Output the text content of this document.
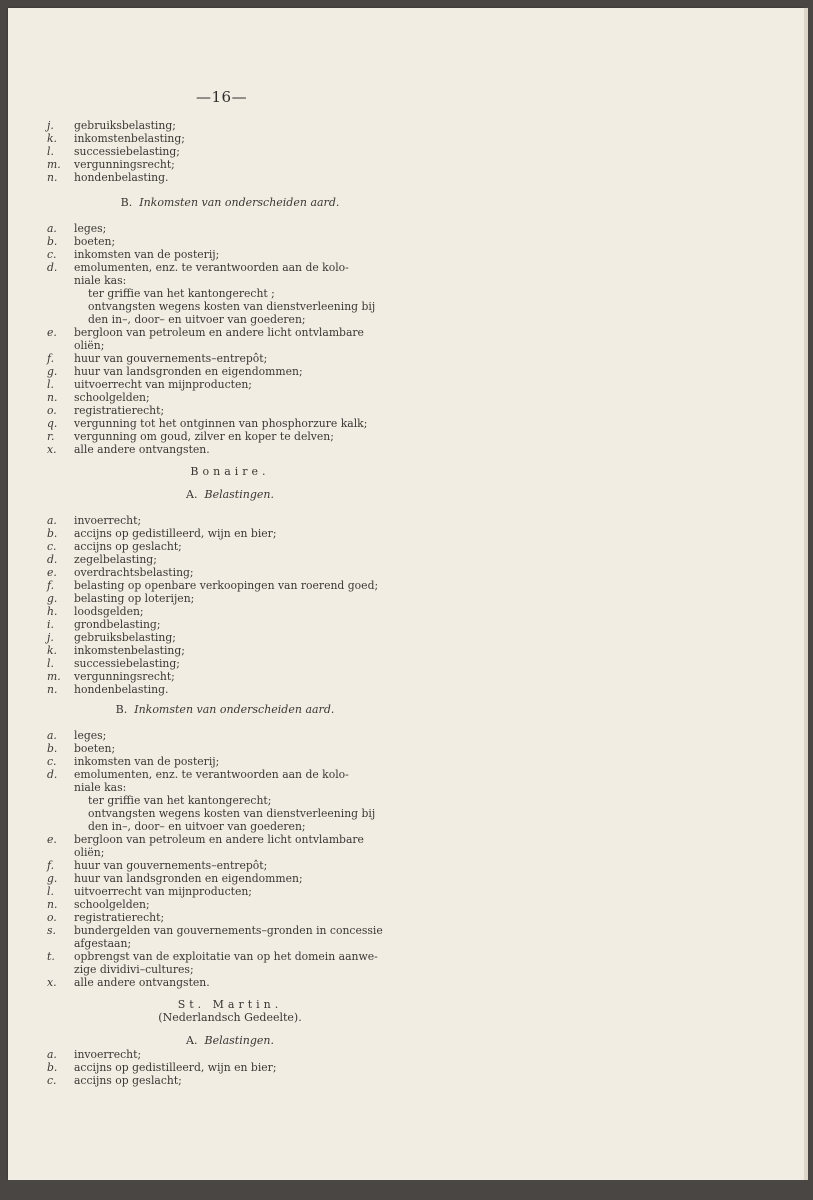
—16—
j. gebruiksbelasting;
k. inkomstenbelasting;
l. successiebelasting;
m. vergunningsrecht;
n. hondenbelasting.
B. Inkomsten van onderscheiden aard.
a. leges;
b. boeten;
c. inkomsten van de posterij;
d. emolumenten, enz. te verantwoorden aan de kolo-
niale kas:
ter griffie van het kantongerecht ;
ontvangsten wegens kosten van dienstverleening bij
den in–, door– en uitvoer van goederen;
e. bergloon van petroleum en andere licht ontvlambare
oliën;
f. huur van gouvernements–entrepôt;
g. huur van landsgronden en eigendommen;
l. uitvoerrecht van mijnproducten;
n. schoolgelden;
o. registratierecht;
q. vergunning tot het ontginnen van phosphorzure kalk;
r. vergunning om goud, zilver en koper te delven;
x. alle andere ontvangsten.
Bonaire.
A. Belastingen.
a. invoerrecht;
b. accijns op gedistilleerd, wijn en bier;
c. accijns op geslacht;
d. zegelbelasting;
e. overdrachtsbelasting;
f. belasting op openbare verkoopingen van roerend goed;
g. belasting op loterijen;
h. loodsgelden;
i. grondbelasting;
j. gebruiksbelasting;
k. inkomstenbelasting;
l. successiebelasting;
m. vergunningsrecht;
n. hondenbelasting.
B. Inkomsten van onderscheiden aard.
a. leges;
b. boeten;
c. inkomsten van de posterij;
d. emolumenten, enz. te verantwoorden aan de kolo-
niale kas:
ter griffie van het kantongerecht;
ontvangsten wegens kosten van dienstverleening bij
den in–, door– en uitvoer van goederen;
e. bergloon van petroleum en andere licht ontvlambare
oliën;
f. huur van gouvernements–entrepôt;
g. huur van landsgronden en eigendommen;
l. uitvoerrecht van mijnproducten;
n. schoolgelden;
o. registratierecht;
s. bundergelden van gouvernements–gronden in concessie
afgestaan;
t. opbrengst van de exploitatie van op het domein aanwe-
zige dividivi–cultures;
x. alle andere ontvangsten.
St. Martin.
(Nederlandsch Gedeelte).
A. Belastingen.
a. invoerrecht;
b. accijns op gedistilleerd, wijn en bier;
c. accijns op geslacht;
